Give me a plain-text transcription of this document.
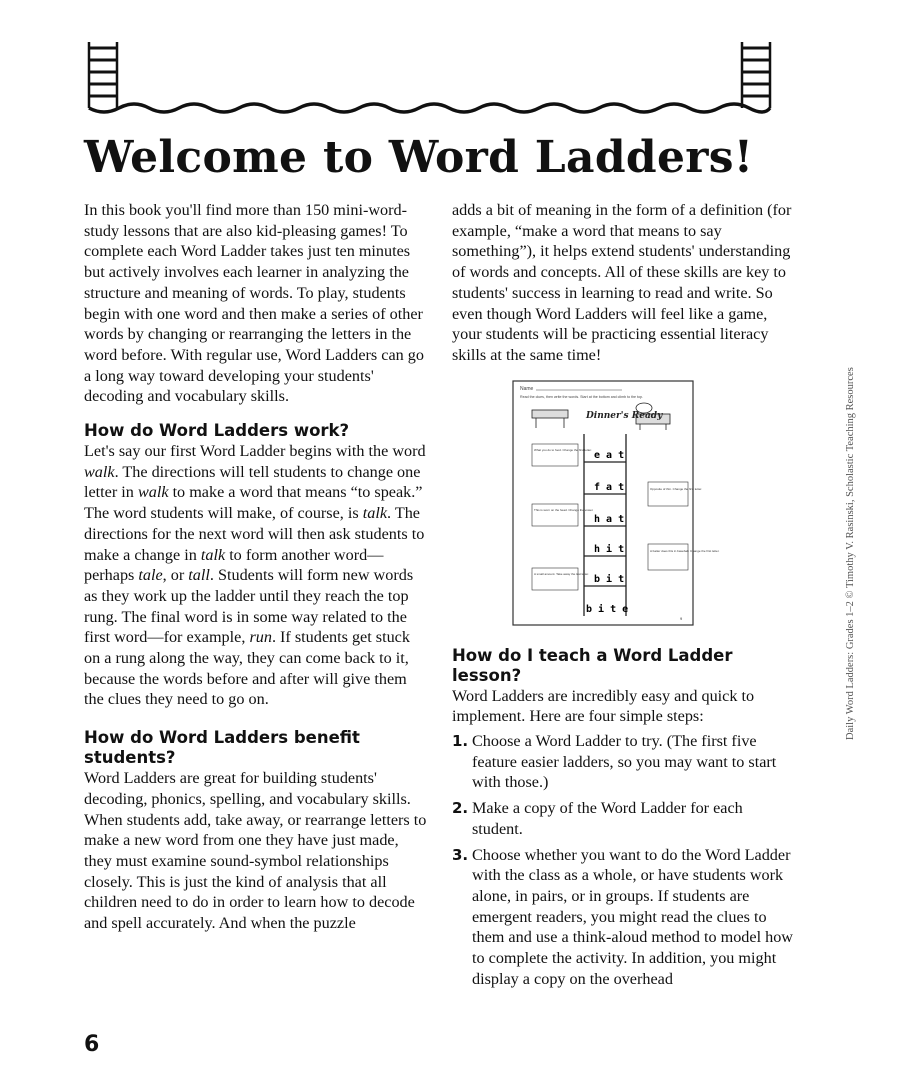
Welcome to Word Ladders!

In this book you'll find more than 150 mini-word-study lessons that are also kid-pleasing games! To complete each Word Ladder takes just ten minutes but actively involves each learner in analyzing the structure and meaning of words. To play, students begin with one word and then make a series of other words by changing or rearranging the letters in the word before. With regular use, Word Ladders can go a long way toward developing your students' decoding and vocabulary skills.

How do Word Ladders work?

Let's say our first Word Ladder begins with the word walk. The directions will tell students to change one letter in walk to make a word that means “to speak.” The word students will make, of course, is talk. The directions for the next word will then ask students to make a change in talk to form another word—perhaps tale, or tall. Students will form new words as they work up the ladder until they reach the top rung. The final word is in some way related to the first word—for example, run. If students get stuck on a rung along the way, they can come back to it, because the words before and after will give them the clues they need to go on.

How do Word Ladders benefit students?

Word Ladders are great for building students' decoding, phonics, spelling, and vocabulary skills. When students add, take away, or rearrange letters to make a new word from one they have just made, they must examine sound-symbol relationships closely. This is just the kind of analysis that all children need to do in order to learn how to decode and spell accurately. And when the puzzle

adds a bit of meaning in the form of a definition (for example, “make a word that means to say something”), it helps extend students' understanding of words and concepts. All of these skills are key to students' success in learning to read and write. So even though Word Ladders will feel like a game, your students will be practicing essential literacy skills at the same time!

Name
Read the clues, then write the words. Start at the bottom and climb to the top.
Dinner's Ready
e a t
f a t
h a t
h i t
b i t
b i t e
What you do to food. Change the first letter.
Opposite of thin. Change the first letter.
This is worn on the head. Change the vowel.
A batter does this in baseball. Change the first letter.
A small amount. Take away the last letter.
9
How do I teach a Word Ladder lesson?

Word Ladders are incredibly easy and quick to implement. Here are four simple steps:

1. Choose a Word Ladder to try. (The first five feature easier ladders, so you may want to start with those.)
2. Make a copy of the Word Ladder for each student.
3. Choose whether you want to do the Word Ladder with the class as a whole, or have students work alone, in pairs, or in groups. If students are emergent readers, you might read the clues to them and use a think-aloud method to model how to complete the activity. In addition, you might display a copy on the overhead
Daily Word Ladders: Grades 1–2 © Timothy V. Rasinski, Scholastic Teaching Resources
6
